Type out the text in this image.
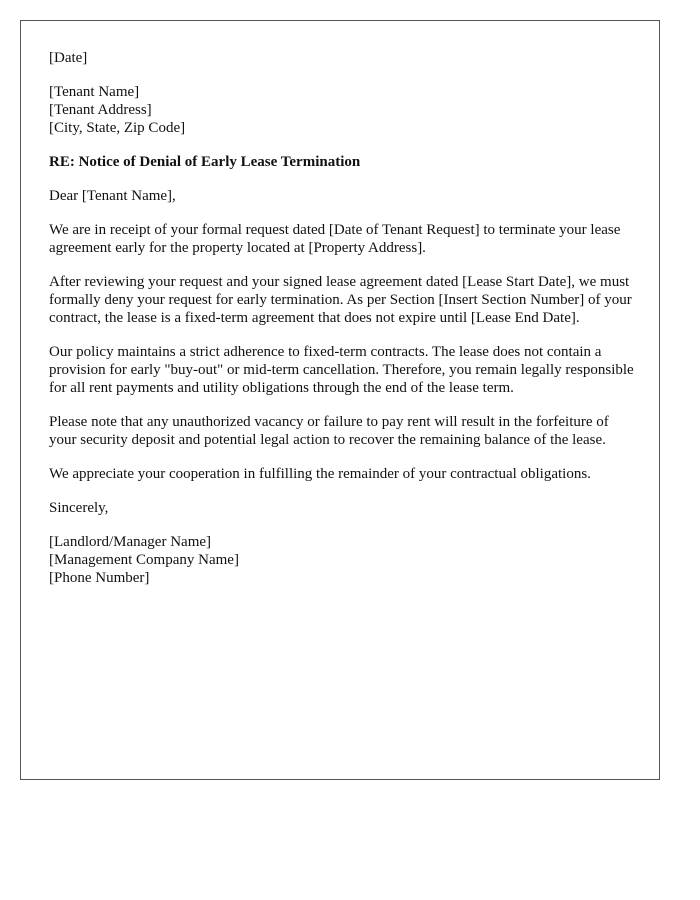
[Date]
[Tenant Name]
[Tenant Address]
[City, State, Zip Code]
RE: Notice of Denial of Early Lease Termination
Dear [Tenant Name],
We are in receipt of your formal request dated [Date of Tenant Request] to terminate your lease agreement early for the property located at [Property Address].
After reviewing your request and your signed lease agreement dated [Lease Start Date], we must formally deny your request for early termination. As per Section [Insert Section Number] of your contract, the lease is a fixed-term agreement that does not expire until [Lease End Date].
Our policy maintains a strict adherence to fixed-term contracts. The lease does not contain a provision for early "buy-out" or mid-term cancellation. Therefore, you remain legally responsible for all rent payments and utility obligations through the end of the lease term.
Please note that any unauthorized vacancy or failure to pay rent will result in the forfeiture of your security deposit and potential legal action to recover the remaining balance of the lease.
We appreciate your cooperation in fulfilling the remainder of your contractual obligations.
Sincerely,
[Landlord/Manager Name]
[Management Company Name]
[Phone Number]
